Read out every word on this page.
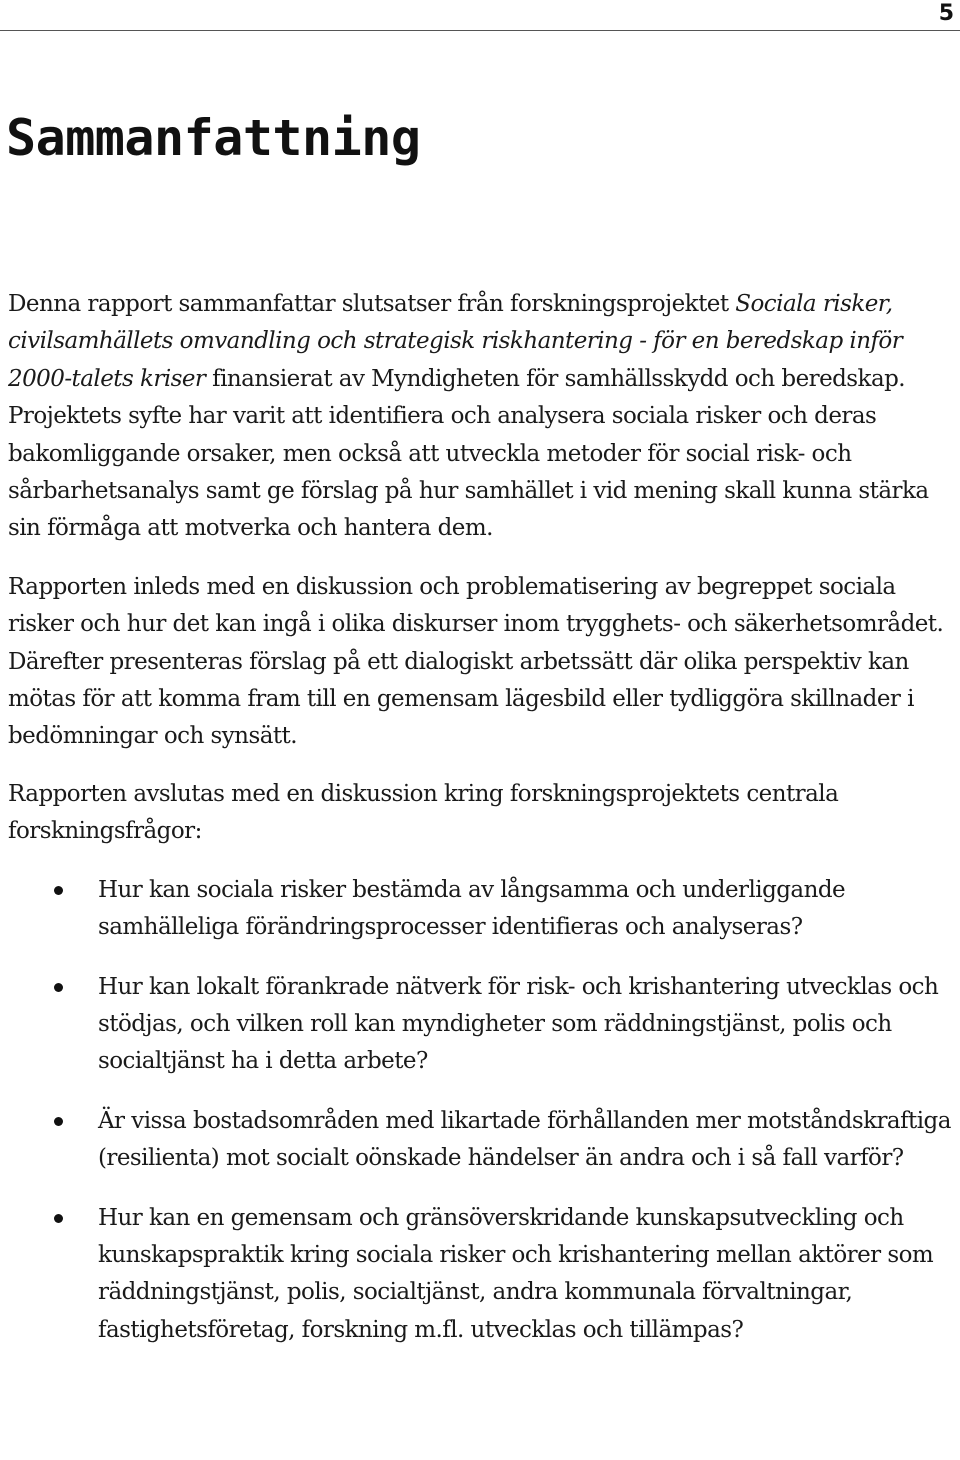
5
Sammanfattning

Denna rapport sammanfattar slutsatser från forskningsprojektet Sociala risker, civilsamhällets omvandling och strategisk riskhantering - för en beredskap inför 2000-talets kriser finansierat av Myndigheten för samhällsskydd och beredskap. Projektets syfte har varit att identifiera och analysera sociala risker och deras bakomliggande orsaker, men också att utveckla metoder för social risk- och sårbarhetsanalys samt ge förslag på hur samhället i vid mening skall kunna stärka sin förmåga att motverka och hantera dem.

Rapporten inleds med en diskussion och problematisering av begreppet sociala risker och hur det kan ingå i olika diskurser inom trygghets- och säkerhetsområdet. Därefter presenteras förslag på ett dialogiskt arbetssätt där olika perspektiv kan mötas för att komma fram till en gemensam lägesbild eller tydliggöra skillnader i bedömningar och synsätt.

Rapporten avslutas med en diskussion kring forskningsprojektets centrala forskningsfrågor:

Hur kan sociala risker bestämda av långsamma och underliggande samhälleliga förändringsprocesser identifieras och analyseras?
Hur kan lokalt förankrade nätverk för risk- och krishantering utvecklas och stödjas, och vilken roll kan myndigheter som räddningstjänst, polis och socialtjänst ha i detta arbete?
Är vissa bostadsområden med likartade förhållanden mer motståndskraftiga (resilienta) mot socialt oönskade händelser än andra och i så fall varför?
Hur kan en gemensam och gränsöverskridande kunskapsutveckling och kunskapspraktik kring sociala risker och krishantering mellan aktörer som räddningstjänst, polis, socialtjänst, andra kommunala förvaltningar, fastighetsföretag, forskning m.fl. utvecklas och tillämpas?
